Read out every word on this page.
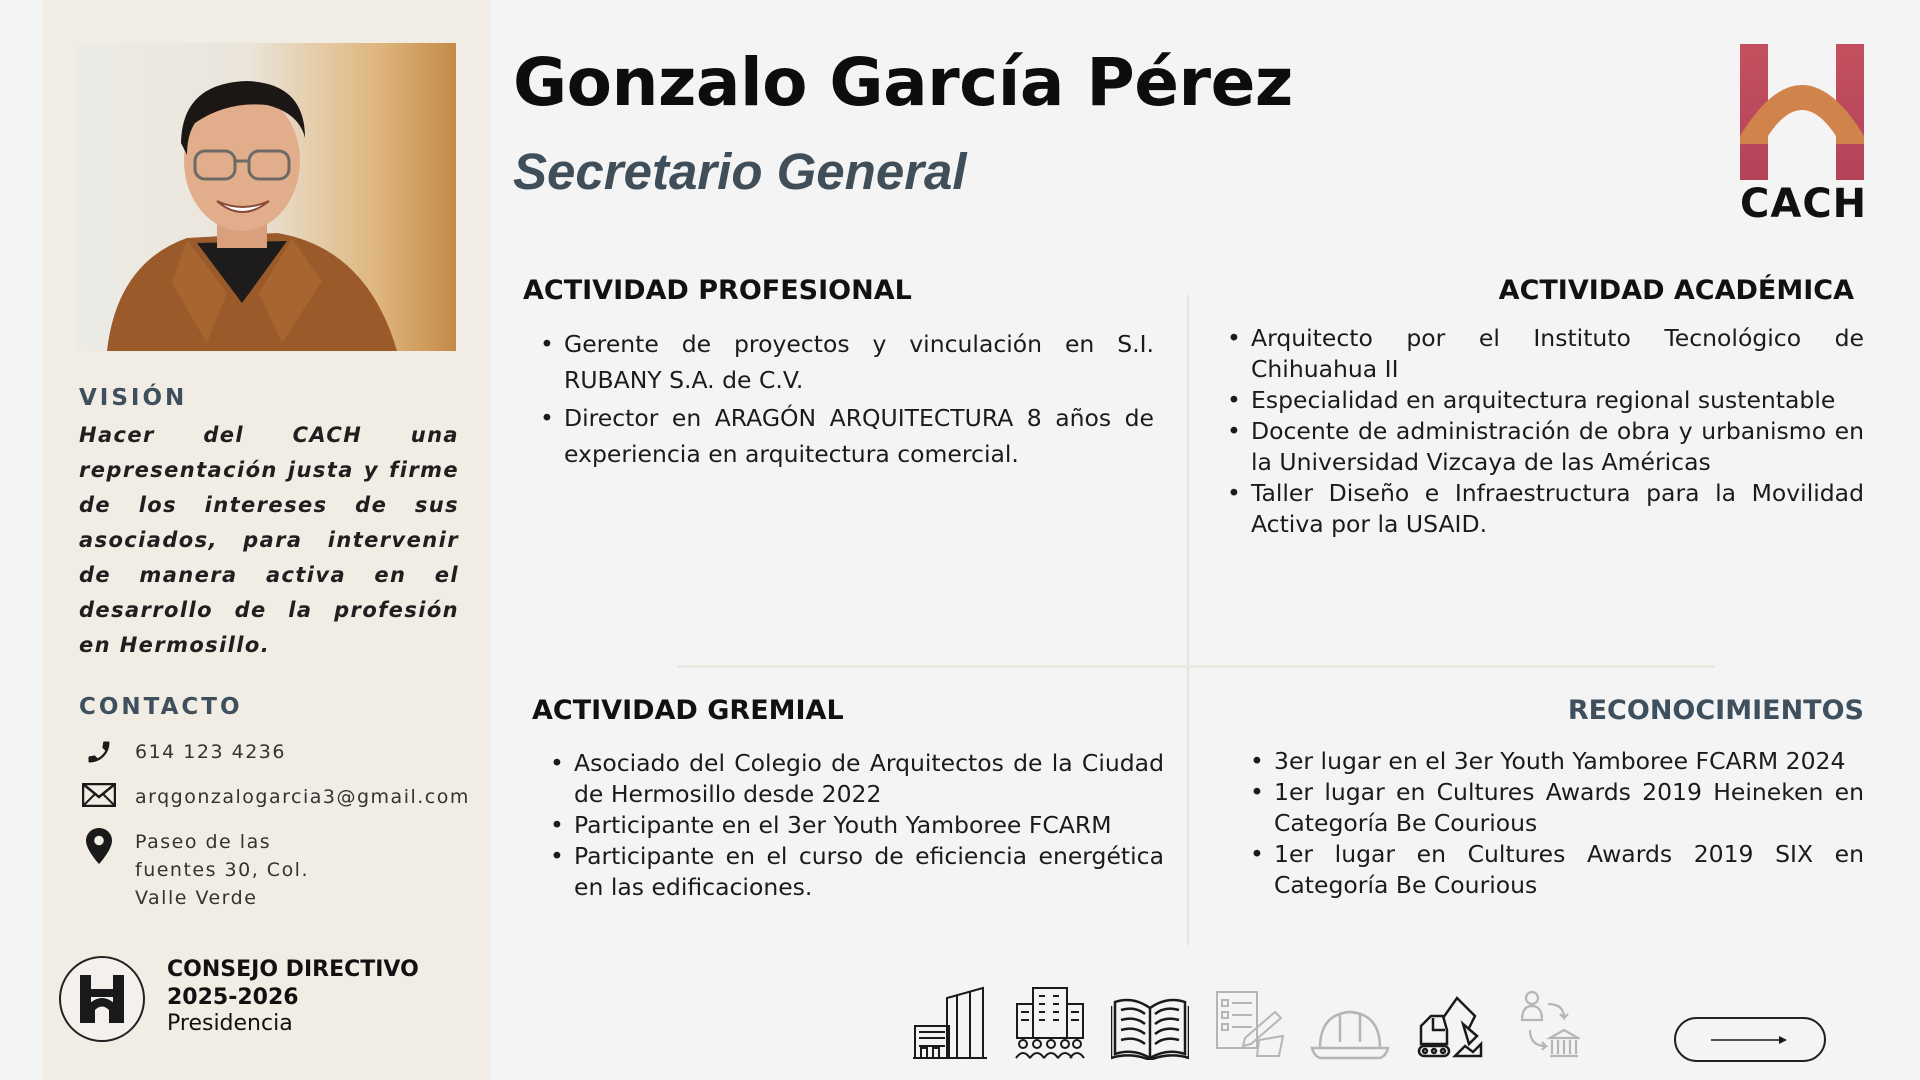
VISIÓN
Hacer del CACH una representación justa y firme de los intereses de sus asociados, para intervenir de manera activa en el desarrollo de la profesión en Hermosillo.
CONTACTO
614 123 4236
arqgonzalogarcia3@gmail.com
Paseo de las fuentes 30, Col. Valle Verde
CONSEJO DIRECTIVO
2025-2026
Presidencia
Gonzalo García Pérez
Secretario General
CACH
ACTIVIDAD PROFESIONAL
• Gerente de proyectos y vinculación en S.I. RUBANY S.A. de C.V.
• Director en ARAGÓN ARQUITECTURA 8 años de experiencia en arquitectura comercial.
ACTIVIDAD ACADÉMICA
• Arquitecto por el Instituto Tecnológico de Chihuahua II
• Especialidad en arquitectura regional sustentable
• Docente de administración de obra y urbanismo en la Universidad Vizcaya de las Américas
• Taller Diseño e Infraestructura para la Movilidad Activa por la USAID.
ACTIVIDAD GREMIAL
• Asociado del Colegio de Arquitectos de la Ciudad de Hermosillo desde 2022
• Participante en el 3er Youth Yamboree FCARM
• Participante en el curso de eficiencia energética en las edificaciones.
RECONOCIMIENTOS
• 3er lugar en el 3er Youth Yamboree FCARM 2024
• 1er lugar en Cultures Awards 2019 Heineken en Categoría Be Courious
• 1er lugar en Cultures Awards 2019 SIX en Categoría Be Courious
